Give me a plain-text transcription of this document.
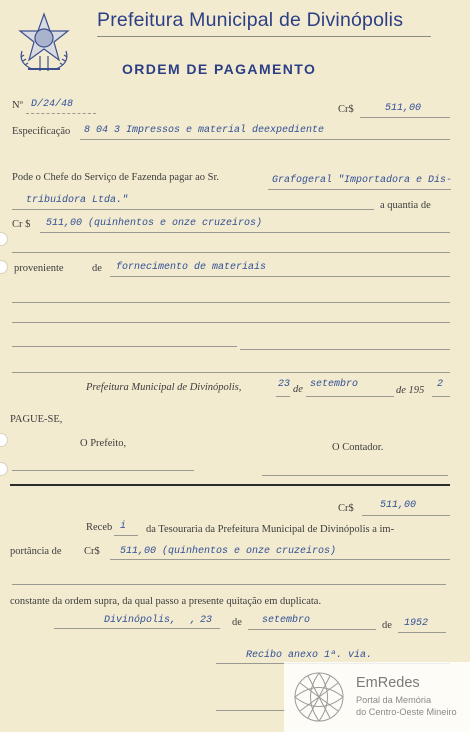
Prefeitura Municipal de Divinópolis
ORDEM DE PAGAMENTO
Nº D/24/48	Cr$	511,00
Especificação 8 04 3 Impressos e material deexpediente
Pode o Chefe do Serviço de Fazenda pagar ao Sr.	Grafogeral "Importadora e Dis-
tribuidora Ltda."	a quantia de
Cr $ 511,00 (quinhentos e onze cruzeiros)
proveniente	de fornecimento de materiais
Prefeitura Municipal de Divinópolis,	23 de setembro
de 195
2
PAGUE-SE,
O Prefeito,	O Contador.
Cr$	511,00
Receb i da Tesouraria da Prefeitura Municipal de Divinópolis a im-
portância de Cr$ 511,00 (quinhentos e onze cruzeiros)
constante da ordem supra, da qual passo a presente quitação em duplicata.
Divinópolis, , 23 de setembro	de 1952
Recibo anexo 1ª. via.
EmRedes
Portal da Memória
do Centro-Oeste Mineiro
